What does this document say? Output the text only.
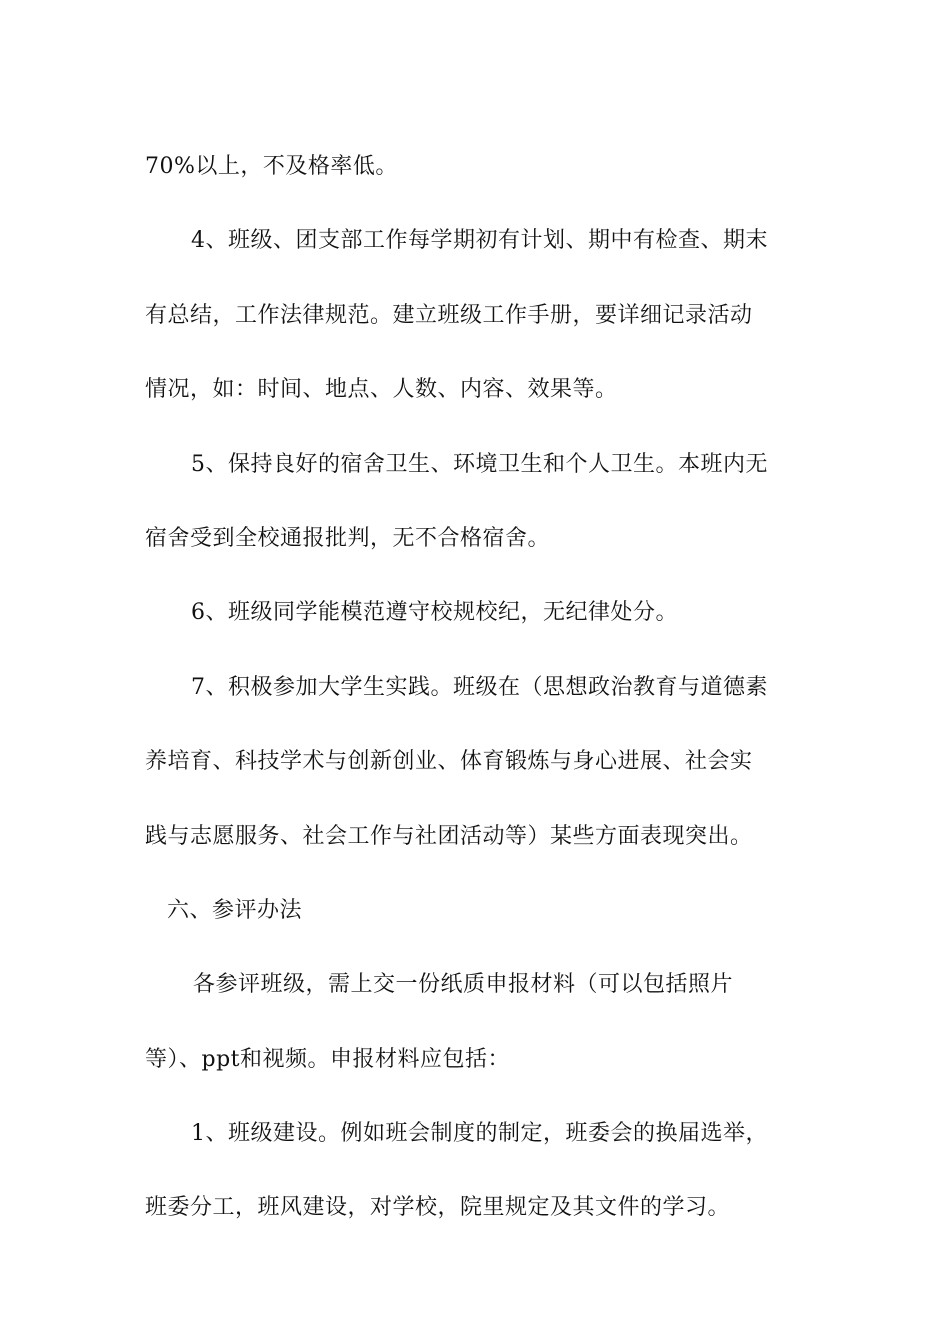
70%以上，不及格率低。
4、班级、团支部工作每学期初有计划、期中有检查、期末
有总结，工作法律规范。建立班级工作手册，要详细记录活动
情况，如：时间、地点、人数、内容、效果等。
5、保持良好的宿舍卫生、环境卫生和个人卫生。本班内无
宿舍受到全校通报批判，无不合格宿舍。
6、班级同学能模范遵守校规校纪，无纪律处分。
7、积极参加大学生实践。班级在（思想政治教育与道德素
养培育、科技学术与创新创业、体育锻炼与身心进展、社会实
践与志愿服务、社会工作与社团活动等）某些方面表现突出。
六、参评办法
各参评班级，需上交一份纸质申报材料（可以包括照片
等）、ppt和视频。申报材料应包括：
1、班级建设。例如班会制度的制定，班委会的换届选举，
班委分工，班风建设，对学校，院里规定及其文件的学习。
